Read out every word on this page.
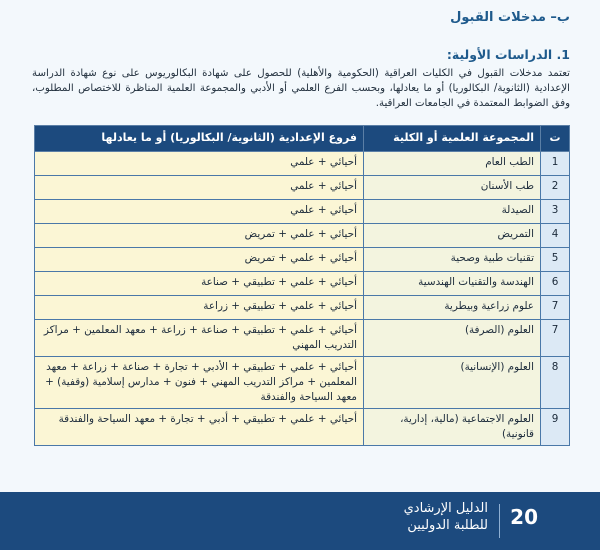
ب– مدخلات القبول
1. الدراسات الأولية:

تعتمد مدخلات القبول في الكليات العراقية (الحكومية والأهلية) للحصول على شهادة البكالوريوس على نوع شهادة الدراسة الإعدادية (الثانوية/ البكالوريا) أو ما يعادلها، وبحسب الفرع العلمي أو الأدبي والمجموعة العلمية المناظرة للاختصاص المطلوب، وفق الضوابط المعتمدة في الجامعات العراقية.

ت	المجموعة العلمية أو الكلية	فروع الإعدادية (الثانوية/ البكالوريا) أو ما يعادلها
1	الطب العام	أحيائي + علمي
2	طب الأسنان	أحيائي + علمي
3	الصيدلة	أحيائي + علمي
4	التمريض	أحيائي + علمي + تمريض
5	تقنيات طبية وصحية	أحيائي + علمي + تمريض
6	الهندسة والتقنيات الهندسية	أحيائي + علمي + تطبيقي + صناعة
7	علوم زراعية وبيطرية	أحيائي + علمي + تطبيقي + زراعة
7	العلوم (الصرفة)	أحيائي + علمي + تطبيقي + صناعة + زراعة + معهد المعلمين + مراكز التدريب المهني
8	العلوم (الإنسانية)	أحيائي + علمي + تطبيقي + الأدبي + تجارة + صناعة + زراعة + معهد المعلمين + مراكز التدريب المهني + فنون + مدارس إسلامية (وقفية) + معهد السياحة والفندقة
9	العلوم الاجتماعية (مالية، إدارية، قانونية)	أحيائي + علمي + تطبيقي + أدبي + تجارة + معهد السياحة والفندقة
الدليل الإرشادي
للطلبة الدوليين 20
